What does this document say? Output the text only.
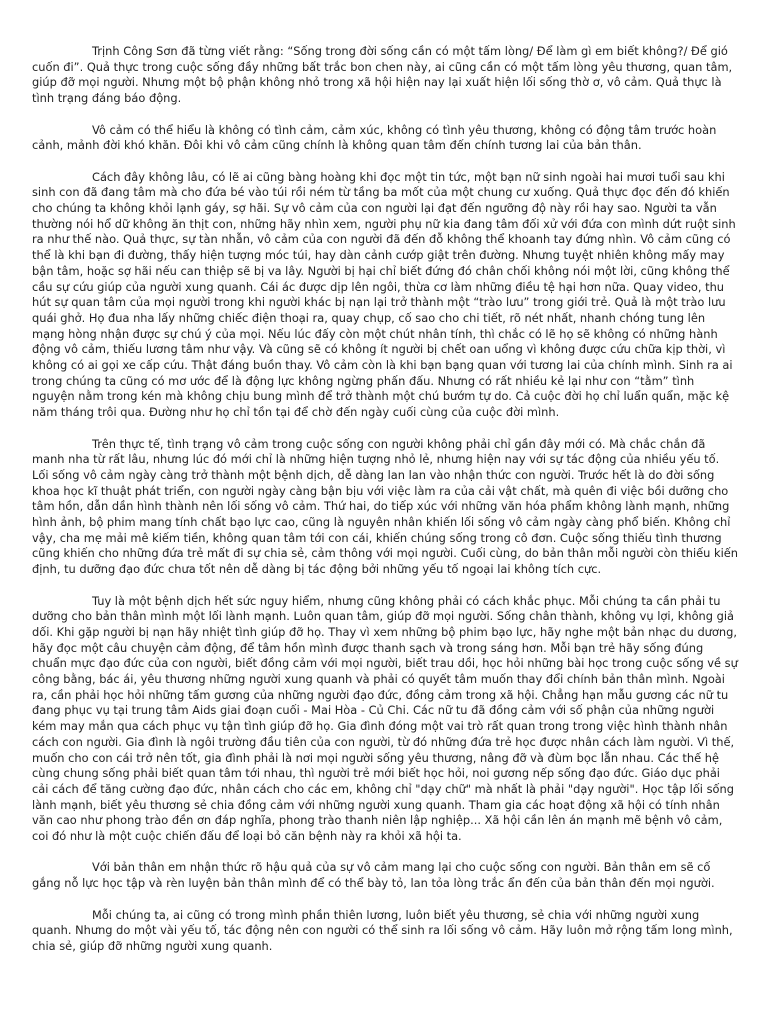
Trịnh Công Sơn đã từng viết rằng: “Sống trong đời sống cần có một tấm lòng/ Để làm gì em biết không?/ Để gió cuốn đi”. Quả thực trong cuộc sống đầy những bất trắc bon chen này, ai cũng cần có một tấm lòng yêu thương, quan tâm, giúp đỡ mọi người. Nhưng một bộ phận không nhỏ trong xã hội hiện nay lại xuất hiện lối sống thờ ơ, vô cảm. Quả thực là tình trạng đáng báo động.

Vô cảm có thể hiểu là không có tình cảm, cảm xúc, không có tình yêu thương, không có động tâm trước hoàn cảnh, mảnh đời khó khăn. Đôi khi vô cảm cũng chính là không quan tâm đến chính tương lai của bản thân.

Cách đây không lâu, có lẽ ai cũng bàng hoàng khi đọc một tin tức, một bạn nữ sinh ngoài hai mươi tuổi sau khi sinh con đã đang tâm mà cho đứa bé vào túi rồi ném từ tầng ba mốt của một chung cư xuống. Quả thực đọc đến đó khiến cho chúng ta không khỏi lạnh gáy, sợ hãi. Sự vô cảm của con người lại đạt đến ngưỡng độ này rồi hay sao. Người ta vẫn thường nói hổ dữ không ăn thịt con, những hãy nhìn xem, người phụ nữ kia đang tâm đối xử với đứa con mình dứt ruột sinh ra như thế nào. Quả thực, sự tàn nhẫn, vô cảm của con người đã đến đỗ không thể khoanh tay đứng nhìn. Vô cảm cũng có thể là khi bạn đi đường, thấy hiện tượng móc túi, hay dàn cảnh cướp giật trên đường. Nhưng tuyệt nhiên không mấy may bận tâm, hoặc sợ hãi nếu can thiệp sẽ bị va lây. Người bị hại chỉ biết đứng đó chân chối không nói một lời, cũng không thể cầu sự cứu giúp của người xung quanh. Cái ác được dịp lên ngôi, thừa cơ làm những điều tệ hại hơn nữa. Quay video, thu hút sự quan tâm của mọi người trong khi người khác bị nạn lại trở thành một “trào lưu” trong giới trẻ. Quả là một trào lưu quái ghở. Họ đua nha lấy những chiếc điện thoại ra, quay chụp, cố sao cho chi tiết, rõ nét nhất, nhanh chóng tung lên mạng hòng nhận được sự chú ý của mọi. Nếu lúc đấy còn một chút nhân tính, thì chắc có lẽ họ sẽ không có những hành động vô cảm, thiếu lương tâm như vậy. Và cũng sẽ có không ít người bị chết oan uổng vì không được cứu chữa kịp thời, vì không có ai gọi xe cấp cứu. Thật đáng buồn thay. Vô cảm còn là khi bạn bạng quan với tương lai của chính mình. Sinh ra ai trong chúng ta cũng có mơ ước để là động lực không ngừng phấn đấu. Nhưng có rất nhiều kẻ lại như con “tằm” tình nguyện nằm trong kén mà không chịu bung mình để trở thành một chú bướm tự do. Cả cuộc đời họ chỉ luẩn quẩn, mặc kệ năm tháng trôi qua. Đường như họ chỉ tồn tại để chờ đến ngày cuối cùng của cuộc đời mình.

Trên thực tế, tình trạng vô cảm trong cuộc sống con người không phải chỉ gần đây mới có. Mà chắc chắn đã manh nha từ rất lâu, nhưng lúc đó mới chỉ là những hiện tượng nhỏ lẻ, nhưng hiện nay với sự tác động của nhiều yếu tố. Lối sống vô cảm ngày càng trở thành một bệnh dịch, dễ dàng lan lan vào nhận thức con người. Trước hết là do đời sống khoa học kĩ thuật phát triển, con người ngày càng bận bịu với việc làm ra của cải vật chất, mà quên đi việc bồi dưỡng cho tâm hồn, dẫn dần hình thành nên lối sống vô cảm. Thứ hai, do tiếp xúc với những văn hóa phẩm không lành mạnh, những hình ảnh, bộ phim mang tính chất bạo lực cao, cũng là nguyên nhân khiến lối sống vô cảm ngày càng phổ biến. Không chỉ vậy, cha mẹ mải mê kiếm tiền, không quan tâm tới con cái, khiến chúng sống trong cô đơn. Cuộc sống thiếu tình thương cũng khiến cho những đứa trẻ mất đi sự chia sẻ, cảm thông với mọi người. Cuối cùng, do bản thân mỗi người còn thiếu kiến định, tu dưỡng đạo đức chưa tốt nên dễ dàng bị tác động bởi những yếu tố ngoại lai không tích cực.

Tuy là một bệnh dịch hết sức nguy hiểm, nhưng cũng không phải có cách khắc phục. Mỗi chúng ta cần phải tu dưỡng cho bản thân mình một lối lành mạnh. Luôn quan tâm, giúp đỡ mọi người. Sống chân thành, không vụ lợi, không giả dối. Khi gặp người bị nạn hãy nhiệt tình giúp đỡ họ. Thay vì xem những bộ phim bạo lực, hãy nghe một bản nhạc du dương, hãy đọc một câu chuyện cảm động, để tâm hồn mình được thanh sạch và trong sáng hơn. Mỗi bạn trẻ hãy sống đúng chuẩn mực đạo đức của con người, biết đồng cảm với mọi người, biết trau dồi, học hỏi những bài học trong cuộc sống về sự công bằng, bác ái, yêu thương những người xung quanh và phải có quyết tâm muốn thay đổi chính bản thân mình. Ngoài ra, cần phải học hỏi những tấm gương của những người đạo đức, đồng cảm trong xã hội. Chẳng hạn mẫu gương các nữ tu đang phục vụ tại trung tâm Aids giai đoạn cuối - Mai Hòa - Củ Chi. Các nữ tu đã đồng cảm với số phận của những người kém may mắn qua cách phục vụ tận tình giúp đỡ họ. Gia đình đóng một vai trò rất quan trong trong việc hình thành nhân cách con người. Gia đình là ngôi trường đầu tiên của con người, từ đó những đứa trẻ học được nhân cách làm người. Vì thế, muốn cho con cái trở nên tốt, gia đình phải là nơi mọi người sống yêu thương, nâng đỡ và đùm bọc lẫn nhau. Các thế hệ cùng chung sống phải biết quan tâm tới nhau, thì người trẻ mới biết học hỏi, noi gương nếp sống đạo đức. Giáo dục phải cải cách để tăng cường đạo đức, nhân cách cho các em, không chỉ "dạy chữ" mà nhất là phải "dạy người". Học tập lối sống lành mạnh, biết yêu thương sẻ chia đồng cảm với những người xung quanh. Tham gia các hoạt động xã hội có tính nhân văn cao như phong trào đền ơn đáp nghĩa, phong trào thanh niên lập nghiệp... Xã hội cần lên án mạnh mẽ bệnh vô cảm, coi đó như là một cuộc chiến đấu để loại bỏ căn bệnh này ra khỏi xã hội ta.

Với bản thân em nhận thức rõ hậu quả của sự vô cảm mang lại cho cuộc sống con người. Bản thân em sẽ cố gắng nỗ lực học tập và rèn luyện bản thân mình để có thể bày tỏ, lan tỏa lòng trắc ẩn đến của bản thân đến mọi người.

Mỗi chúng ta, ai cũng có trong mình phần thiên lương, luôn biết yêu thương, sẻ chia với những người xung quanh. Nhưng do một vài yếu tố, tác động nên con người có thể sinh ra lối sống vô cảm. Hãy luôn mở rộng tấm long mình, chia sẻ, giúp đỡ những người xung quanh.
